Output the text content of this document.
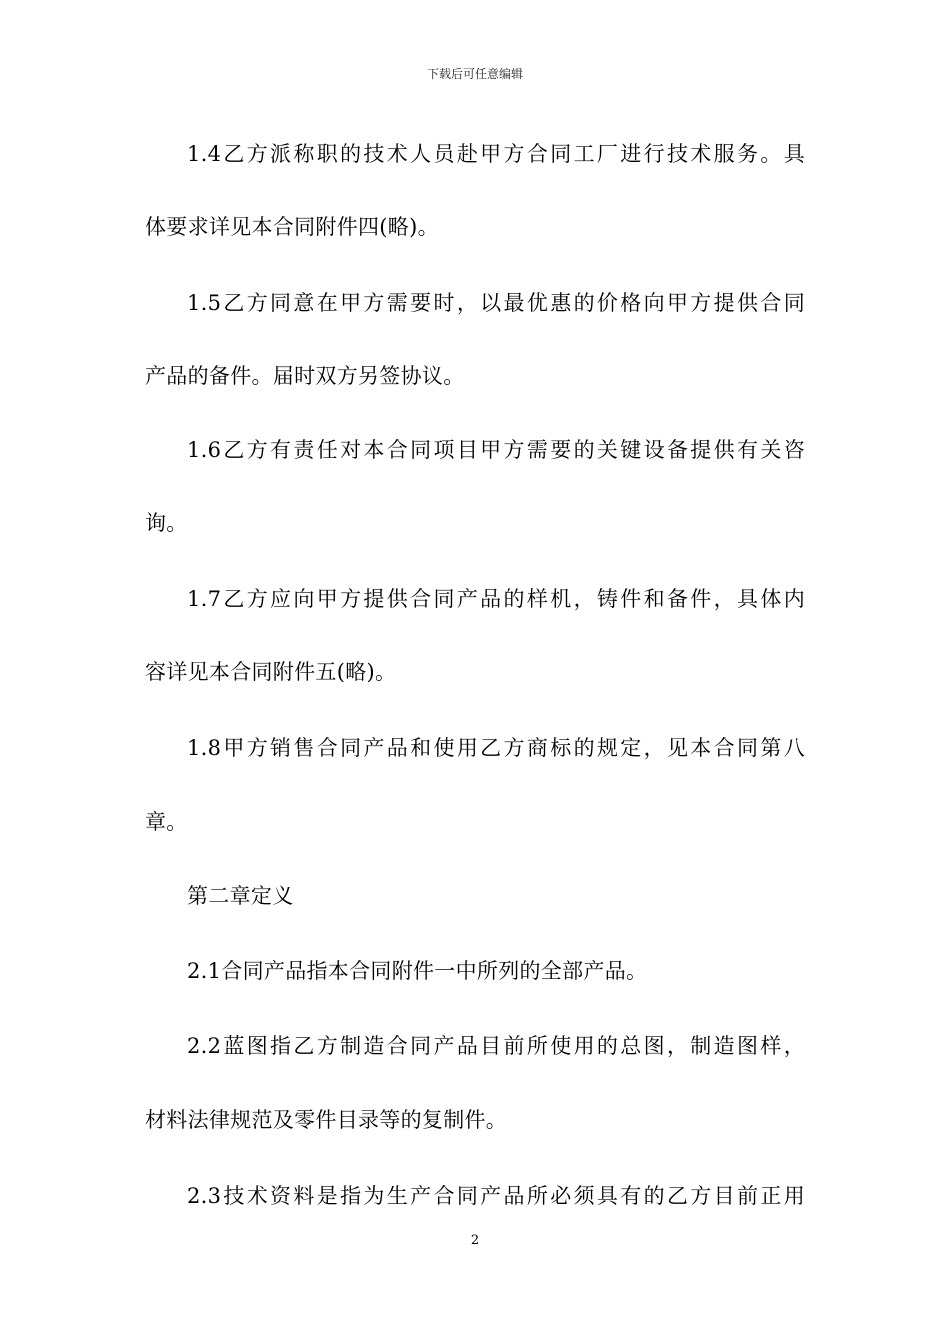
下载后可任意编辑
1.4乙方派称职的技术人员赴甲方合同工厂进行技术服务。具
体要求详见本合同附件四(略)。
1.5乙方同意在甲方需要时，以最优惠的价格向甲方提供合同
产品的备件。届时双方另签协议。
1.6乙方有责任对本合同项目甲方需要的关键设备提供有关咨
询。
1.7乙方应向甲方提供合同产品的样机，铸件和备件，具体内
容详见本合同附件五(略)。
1.8甲方销售合同产品和使用乙方商标的规定，见本合同第八
章。
第二章定义
2.1合同产品指本合同附件一中所列的全部产品。
2.2蓝图指乙方制造合同产品目前所使用的总图，制造图样，
材料法律规范及零件目录等的复制件。
2.3技术资料是指为生产合同产品所必须具有的乙方目前正用
2
